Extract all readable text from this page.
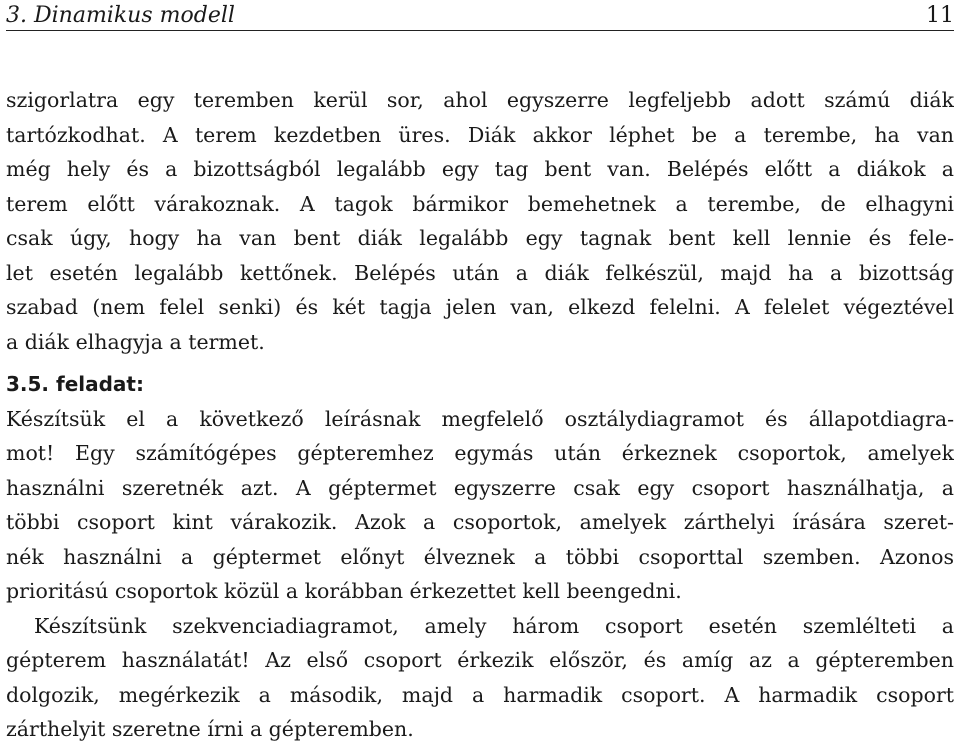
3. Dinamikus modell	11

szigorlatra egy teremben kerül sor, ahol egyszerre legfeljebb adott számú diák
tartózkodhat. A terem kezdetben üres. Diák akkor léphet be a terembe, ha van
még hely és a bizottságból legalább egy tag bent van. Belépés előtt a diákok a
terem előtt várakoznak. A tagok bármikor bemehetnek a terembe, de elhagyni
csak úgy, hogy ha van bent diák legalább egy tagnak bent kell lennie és fele-
let esetén legalább kettőnek. Belépés után a diák felkészül, majd ha a bizottság
szabad (nem felel senki) és két tagja jelen van, elkezd felelni. A felelet végeztével
a diák elhagyja a termet.

3.5. feladat:

Készítsük el a következő leírásnak megfelelő osztálydiagramot és állapotdiagra-
mot! Egy számítógépes gépteremhez egymás után érkeznek csoportok, amelyek
használni szeretnék azt. A géptermet egyszerre csak egy csoport használhatja, a
többi csoport kint várakozik. Azok a csoportok, amelyek zárthelyi írására szeret-
nék használni a géptermet előnyt élveznek a többi csoporttal szemben. Azonos
prioritású csoportok közül a korábban érkezettet kell beengedni.

Készítsünk szekvenciadiagramot, amely három csoport esetén szemlélteti a
gépterem használatát! Az első csoport érkezik először, és amíg az a gépteremben
dolgozik, megérkezik a második, majd a harmadik csoport. A harmadik csoport
zárthelyit szeretne írni a gépteremben.
